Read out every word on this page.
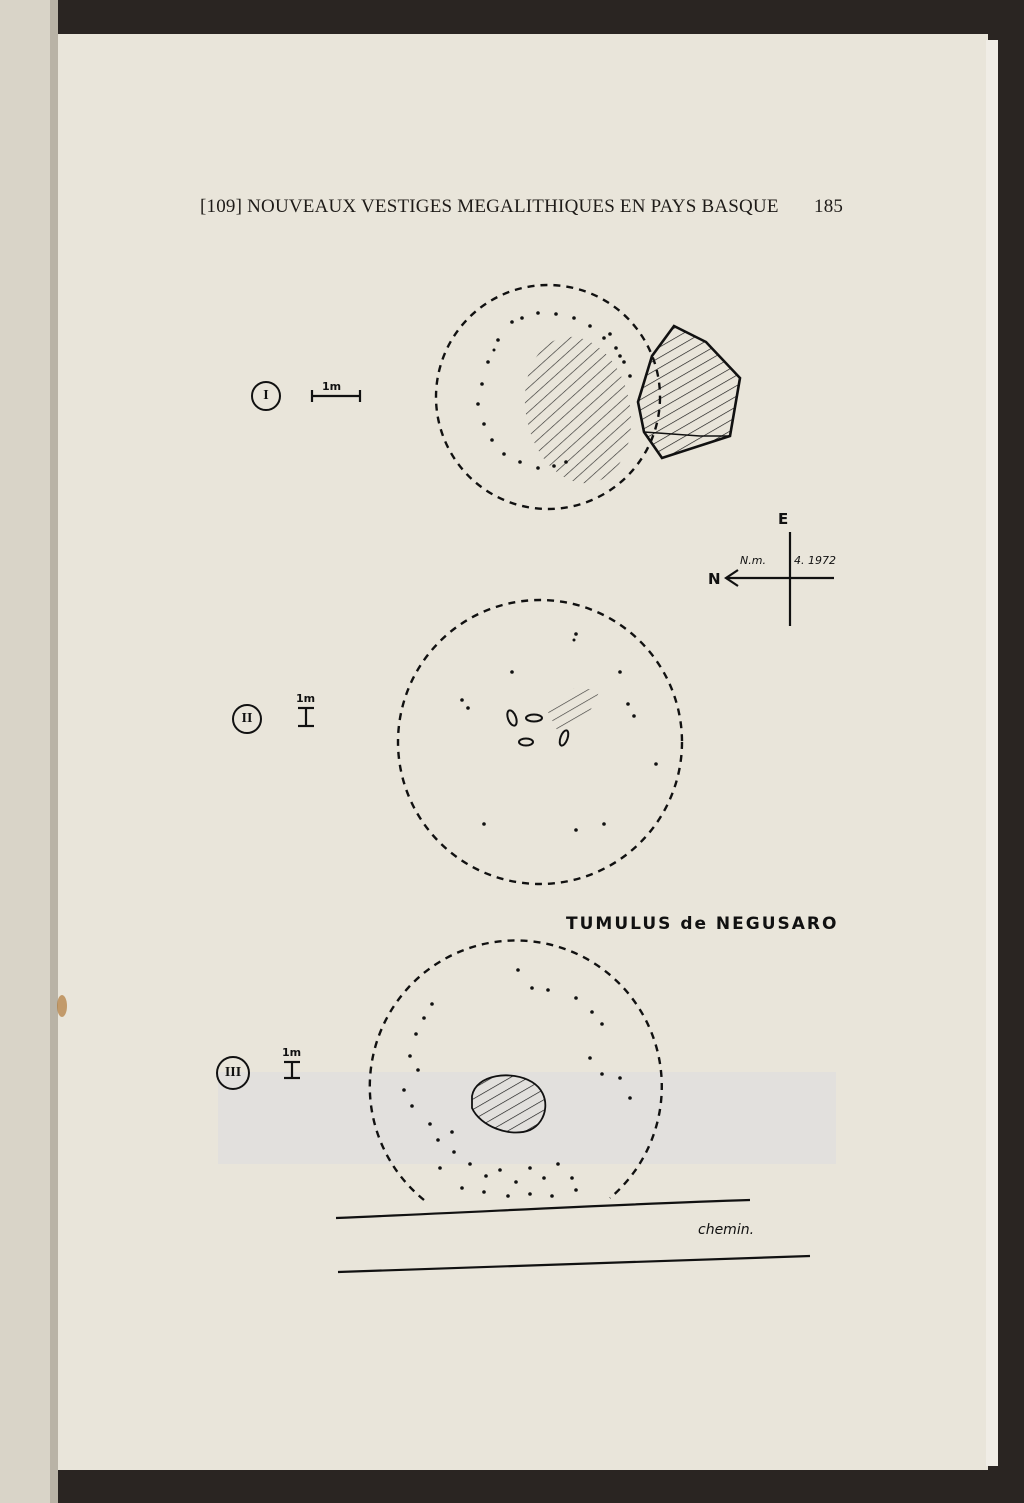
[109] NOUVEAUX VESTIGES MEGALITHIQUES EN PAYS BASQUE 185
I
1m
II
1m
III
1m
E
N
N.m.	4. 1972
TUMULUS de NEGUSARO
chemin.
